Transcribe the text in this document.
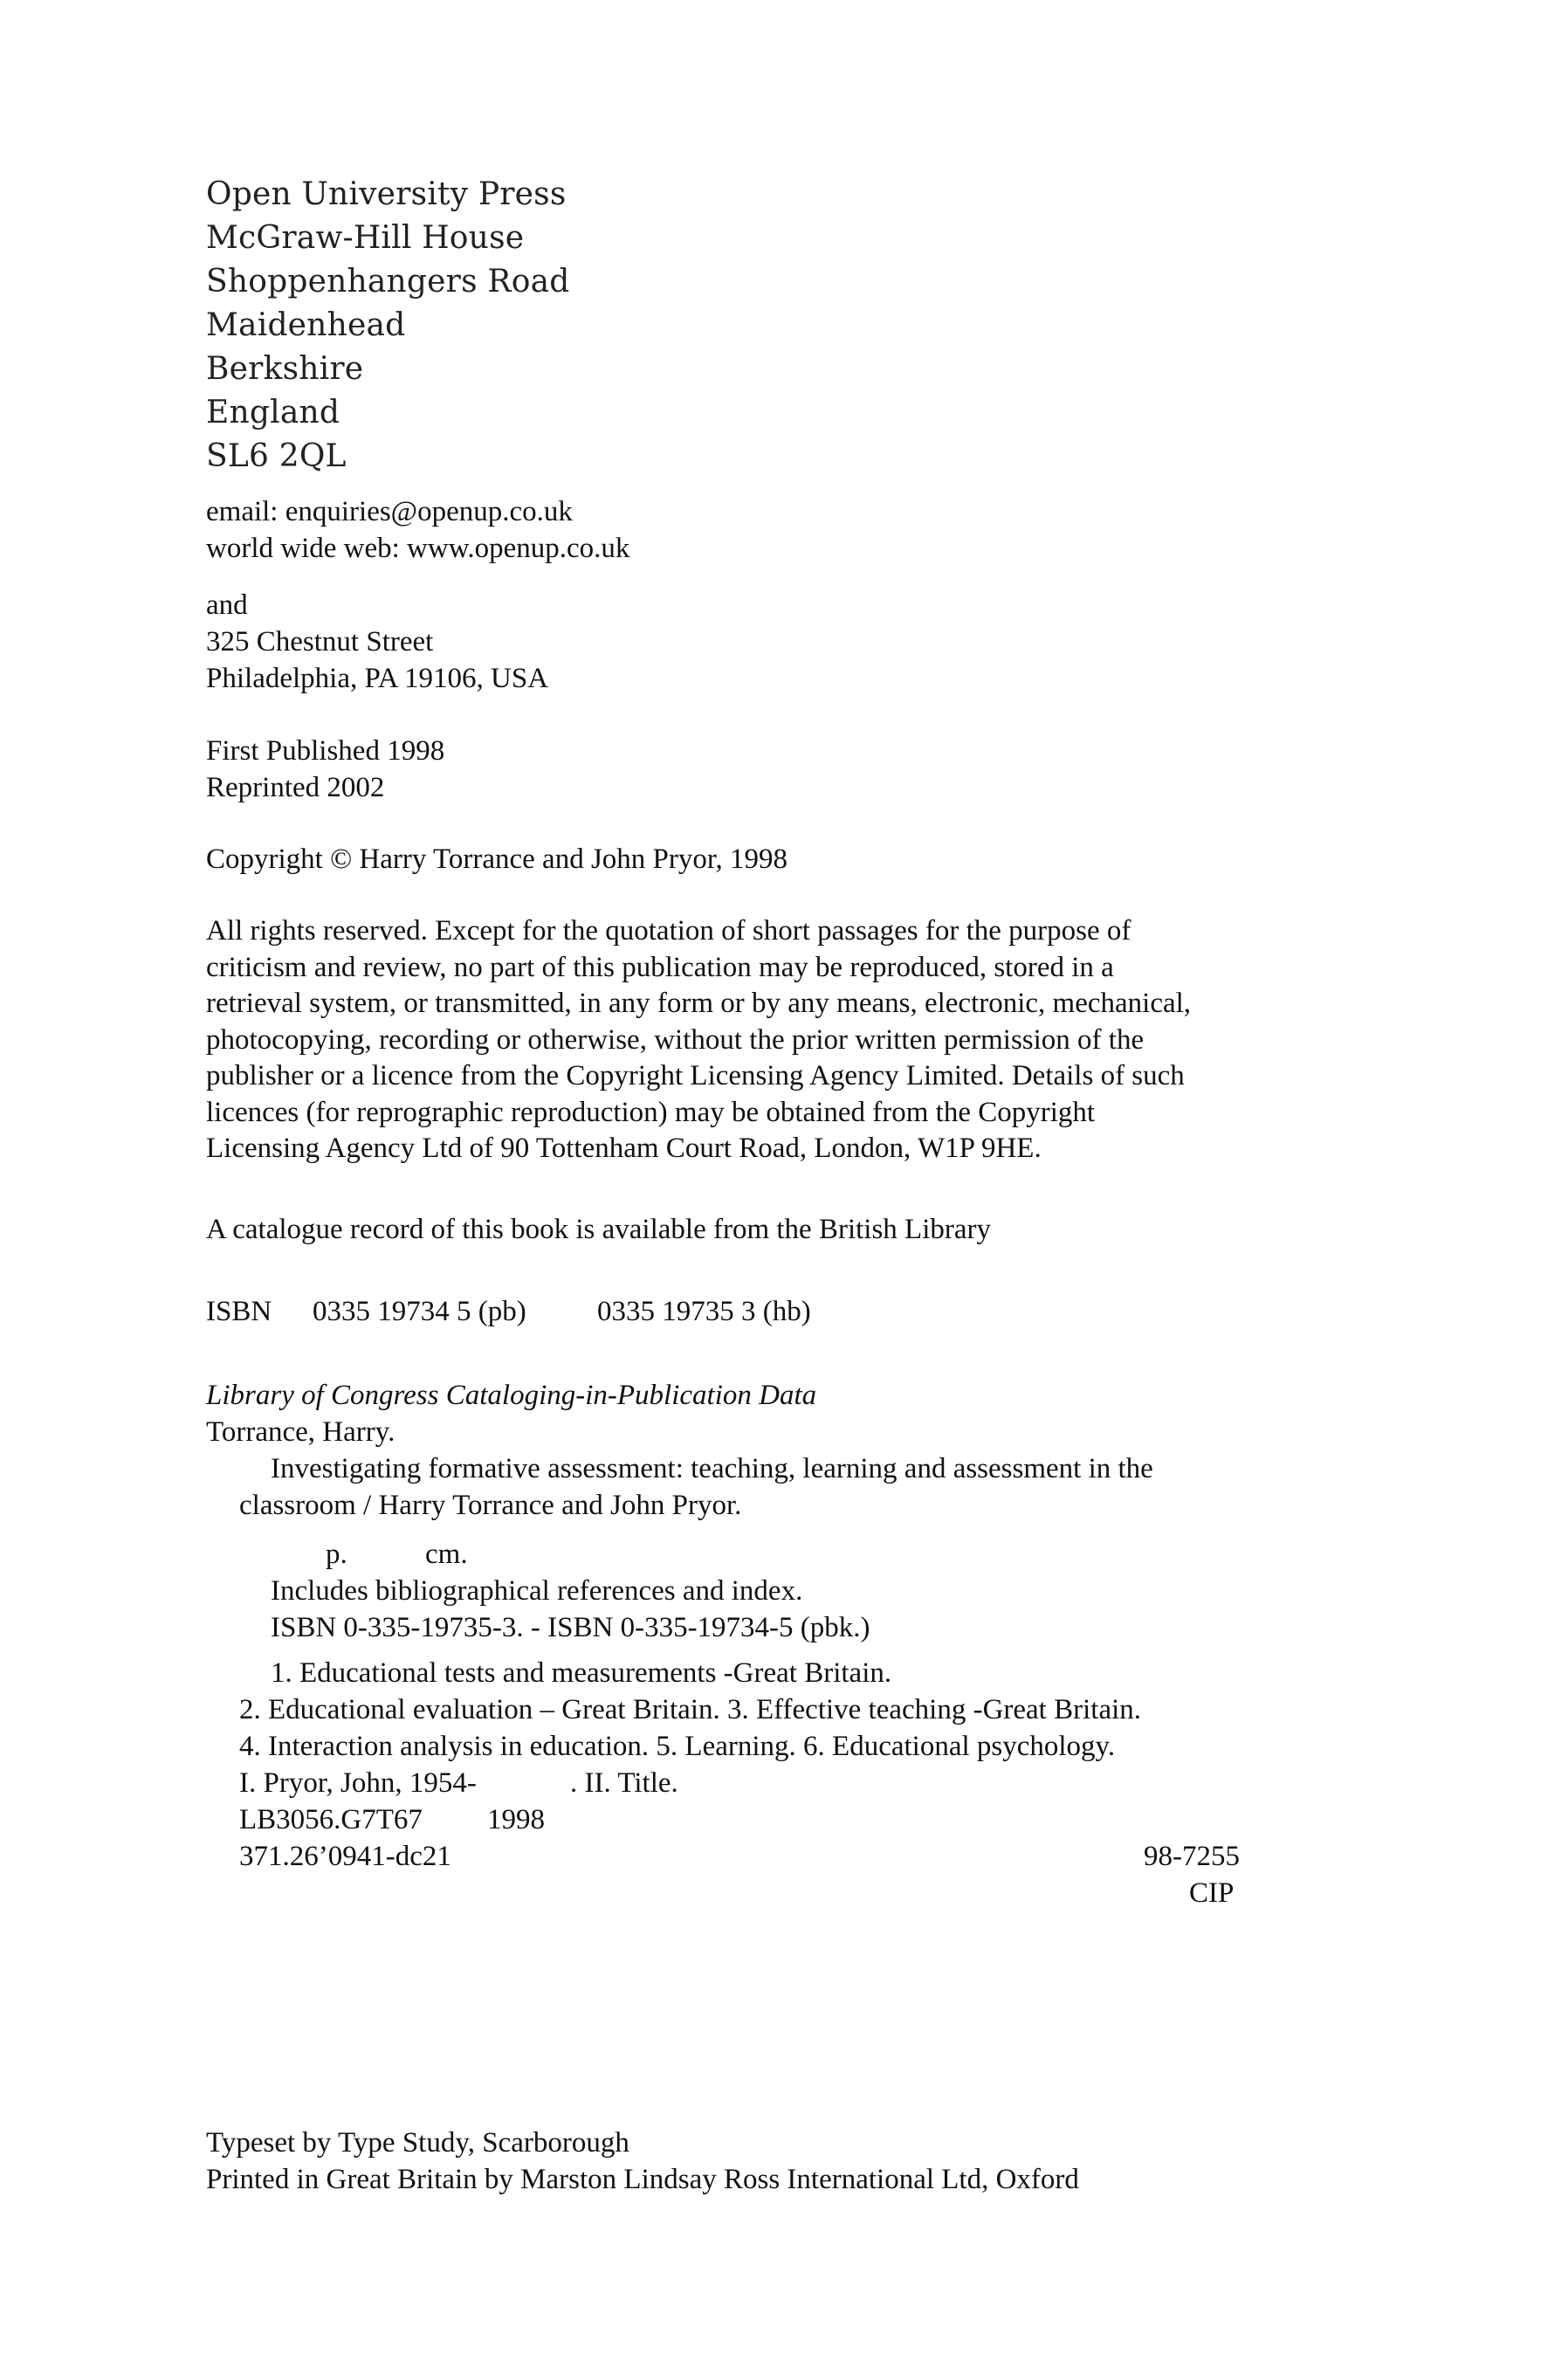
Open University Press
McGraw-Hill House
Shoppenhangers Road
Maidenhead
Berkshire
England
SL6 2QL
email: enquiries@openup.co.uk
world wide web: www.openup.co.uk
and
325 Chestnut Street
Philadelphia, PA 19106, USA
First Published 1998
Reprinted 2002
Copyright © Harry Torrance and John Pryor, 1998
All rights reserved. Except for the quotation of short passages for the purpose of
criticism and review, no part of this publication may be reproduced, stored in a
retrieval system, or transmitted, in any form or by any means, electronic, mechanical,
photocopying, recording or otherwise, without the prior written permission of the
publisher or a licence from the Copyright Licensing Agency Limited. Details of such
licences (for reprographic reproduction) may be obtained from the Copyright
Licensing Agency Ltd of 90 Tottenham Court Road, London, W1P 9HE.
A catalogue record of this book is available from the British Library
ISBN 0335 19734 5 (pb) 0335 19735 3 (hb)
Library of Congress Cataloging-in-Publication Data
Torrance, Harry.
Investigating formative assessment: teaching, learning and assessment in the
classroom / Harry Torrance and John Pryor.
p.	cm.
Includes bibliographical references and index.
ISBN 0-335-19735-3. - ISBN 0-335-19734-5 (pbk.)
1. Educational tests and measurements -Great Britain.
2. Educational evaluation – Great Britain. 3. Effective teaching -Great Britain.
4. Interaction analysis in education. 5. Learning. 6. Educational psychology.
I. Pryor, John, 1954-	. II. Title.
LB3056.G7T67 1998
371.26’0941-dc21	98-7255
CIP
Typeset by Type Study, Scarborough
Printed in Great Britain by Marston Lindsay Ross International Ltd, Oxford
